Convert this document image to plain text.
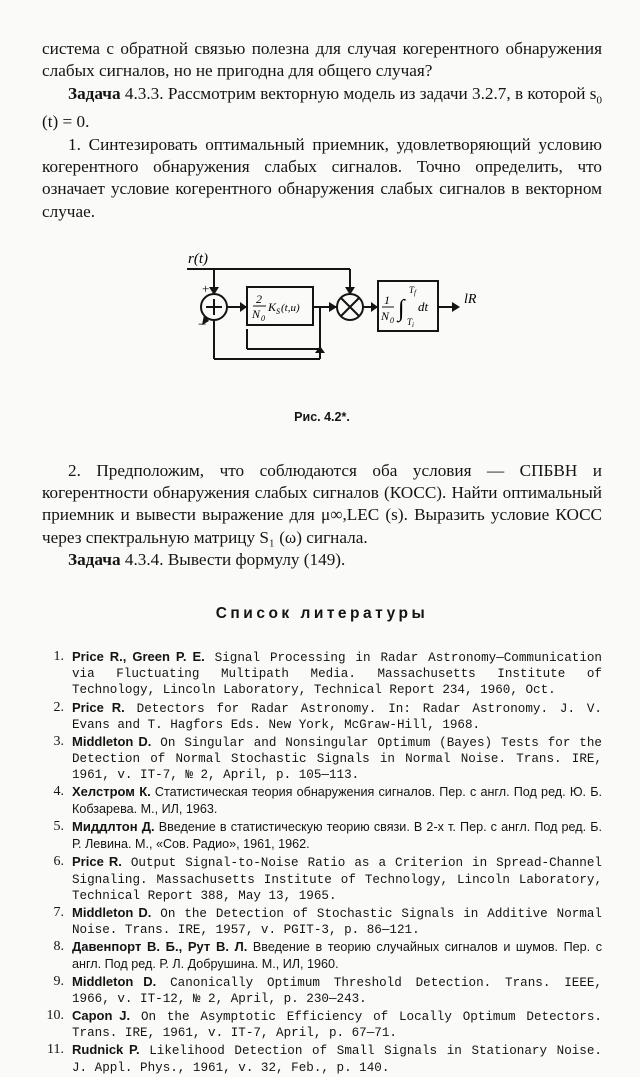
система с обратной связью полезна для случая когерентного обнаружения слабых сигналов, но не пригодна для общего случая?

Задача 4.3.3. Рассмотрим векторную модель из задачи 3.2.7, в которой $s_0$ (t) = 0.

1. Синтезировать оптимальный приемник, удовлетворяющий условию когерентного обнаружения слабых сигналов. Точно определить, что означает условие когерентного обнаружения слабых сигналов в векторном случае.

r(t)
+
−
lR
2
N 0
K S (t,u)
1
N 0 ∫
T f
T i
dt
Рис. 4.2*.

2. Предположим, что соблюдаются оба условия — СПБВН и когерентности обнаружения слабых сигналов (КОСС). Найти оптимальный приемник и вывести выражение для μ∞,LEC (s). Выразить условие КОСС через спектральную матрицу S₁ (ω) сигнала.

Задача 4.3.4. Вывести формулу (149).

Список литературы
1. Price R., Green P. E. Signal Processing in Radar Astronomy—Communication via Fluctuating Multipath Media. Massachusetts Institute of Technology, Lincoln Laboratory, Technical Report 234, 1960, Oct.
2. Price R. Detectors for Radar Astronomy. In: Radar Astronomy. J. V. Evans and T. Hagfors Eds. New York, McGraw-Hill, 1968.
3. Middleton D. On Singular and Nonsingular Optimum (Bayes) Tests for the Detection of Normal Stochastic Signals in Normal Noise. Trans. IRE, 1961, v. IT-7, № 2, April, p. 105—113.
4. Хелстром К. Статистическая теория обнаружения сигналов. Пер. с англ. Под ред. Ю. Б. Кобзарева. М., ИЛ, 1963.
5. Миддлтон Д. Введение в статистическую теорию связи. В 2-х т. Пер. с англ. Под ред. Б. Р. Левина. М., «Сов. Радио», 1961, 1962.
6. Price R. Output Signal-to-Noise Ratio as a Criterion in Spread-Channel Signaling. Massachusetts Institute of Technology, Lincoln Laboratory, Technical Report 388, May 13, 1965.
7. Middleton D. On the Detection of Stochastic Signals in Additive Normal Noise. Trans. IRE, 1957, v. PGIT-3, p. 86—121.
8. Давенпорт В. Б., Рут В. Л. Введение в теорию случайных сигналов и шумов. Пер. с англ. Под ред. Р. Л. Добрушина. М., ИЛ, 1960.
9. Middleton D. Canonically Optimum Threshold Detection. Trans. IEEE, 1966, v. IT-12, № 2, April, p. 230—243.
10. Capon J. On the Asymptotic Efficiency of Locally Optimum Detectors. Trans. IRE, 1961, v. IT-7, April, p. 67—71.
11. Rudnick P. Likelihood Detection of Small Signals in Stationary Noise. J. Appl. Phys., 1961, v. 32, Feb., p. 140.
